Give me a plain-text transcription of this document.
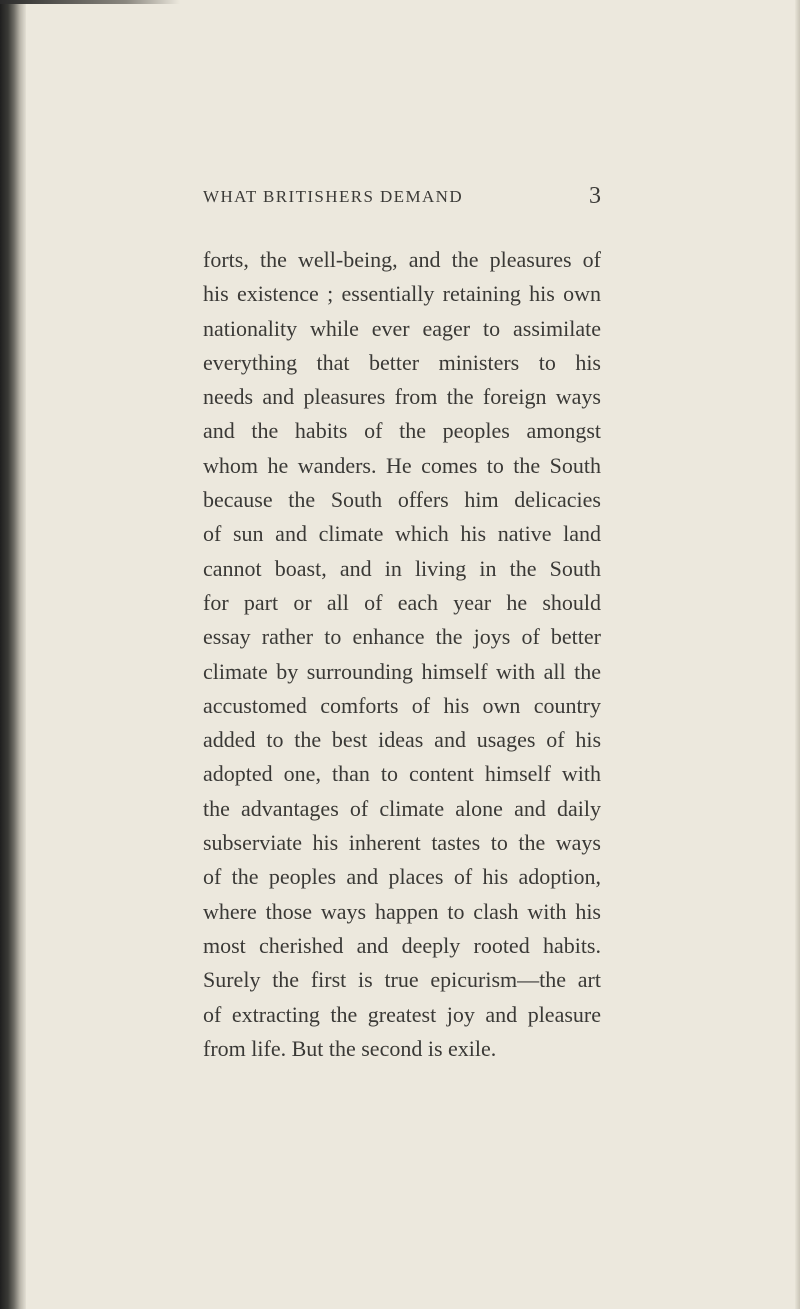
WHAT BRITISHERS DEMAND	3
forts, the well-being, and the pleasures of
his existence ; essentially retaining his own
nationality while ever eager to assimilate
everything that better ministers to his
needs and pleasures from the foreign ways
and the habits of the peoples amongst
whom he wanders. He comes to the South
because the South offers him delicacies
of sun and climate which his native land
cannot boast, and in living in the South
for part or all of each year he should
essay rather to enhance the joys of better
climate by surrounding himself with all the
accustomed comforts of his own country
added to the best ideas and usages of his
adopted one, than to content himself with
the advantages of climate alone and daily
subserviate his inherent tastes to the ways
of the peoples and places of his adoption,
where those ways happen to clash with his
most cherished and deeply rooted habits.
Surely the first is true epicurism—the art
of extracting the greatest joy and pleasure
from life. But the second is exile.
